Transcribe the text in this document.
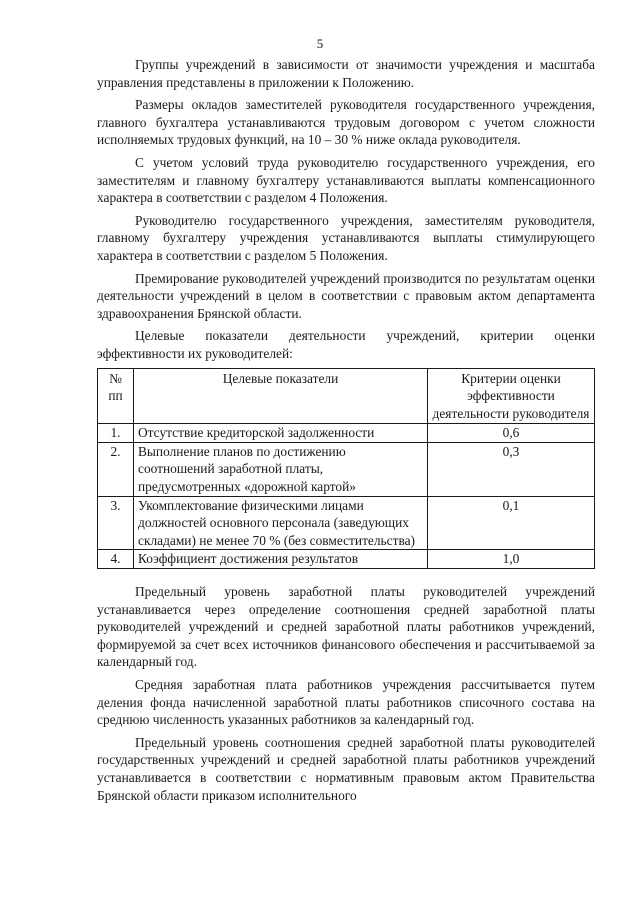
5

Группы учреждений в зависимости от значимости учреждения и масштаба управления представлены в приложении к Положению.

Размеры окладов заместителей руководителя государственного учреждения, главного бухгалтера устанавливаются трудовым договором с учетом сложности исполняемых трудовых функций, на 10 – 30 % ниже оклада руководителя.

С учетом условий труда руководителю государственного учреждения, его заместителям и главному бухгалтеру устанавливаются выплаты компенсационного характера в соответствии с разделом 4 Положения.

Руководителю государственного учреждения, заместителям руководителя, главному бухгалтеру учреждения устанавливаются выплаты стимулирующего характера в соответствии с разделом 5 Положения.

Премирование руководителей учреждений производится по результатам оценки деятельности учреждений в целом в соответствии с правовым актом департамента здравоохранения Брянской области.

Целевые показатели деятельности учреждений, критерии оценки эффективности их руководителей:

№ пп	Целевые показатели	Критерии оценки эффективности деятельности руководителя
1.	Отсутствие кредиторской задолженности	0,6
2.	Выполнение планов по достижению соотношений заработной платы, предусмотренных «дорожной картой»	0,3
3.	Укомплектование физическими лицами должностей основного персонала (заведующих складами) не менее 70 % (без совместительства)	0,1
4.	Коэффициент достижения результатов	1,0

Предельный уровень заработной платы руководителей учреждений устанавливается через определение соотношения средней заработной платы руководителей учреждений и средней заработной платы работников учреждений, формируемой за счет всех источников финансового обеспечения и рассчитываемой за календарный год.

Средняя заработная плата работников учреждения рассчитывается путем деления фонда начисленной заработной платы работников списочного состава на среднюю численность указанных работников за календарный год.

Предельный уровень соотношения средней заработной платы руководителей государственных учреждений и средней заработной платы работников учреждений устанавливается в соответствии с нормативным правовым актом Правительства Брянской области приказом исполнительного
